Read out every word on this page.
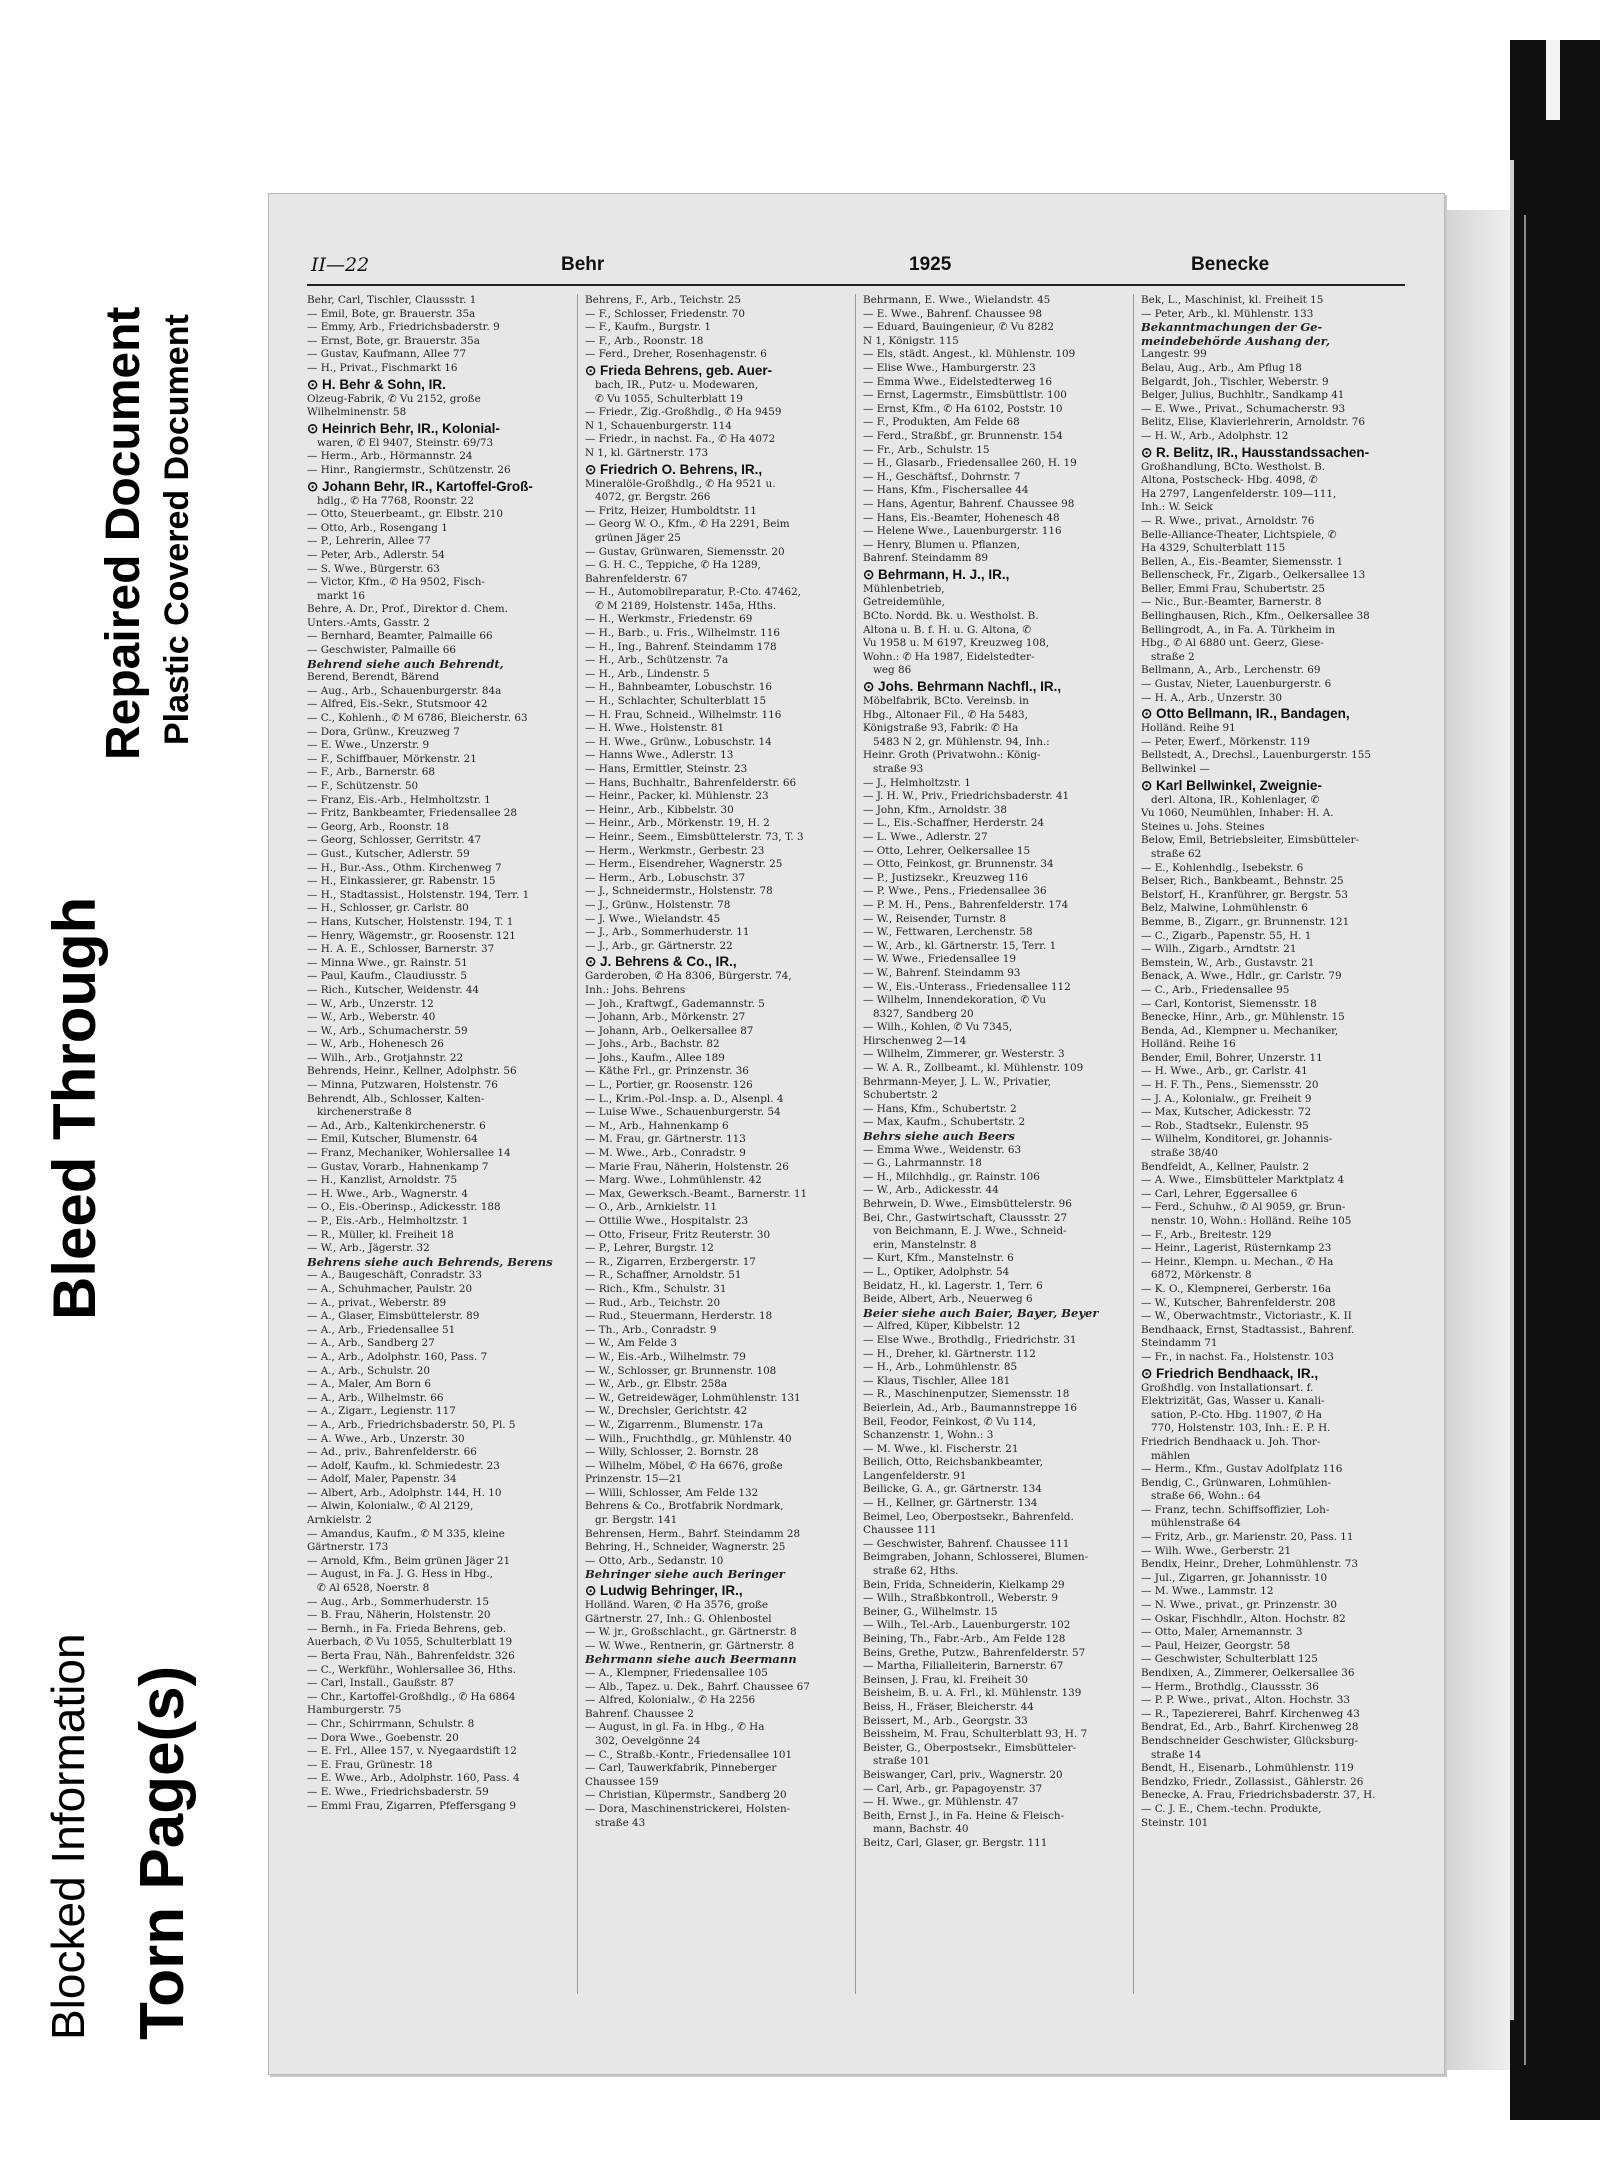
Blocked Information
Bleed Through
Torn Page(s)
Repaired Document Plastic Covered Document
II—22	Behr	1925	Benecke
Behr, Carl, Tischler, Claussstr. 1
— Emil, Bote, gr. Brauerstr. 35a
— Emmy, Arb., Friedrichsbaderstr. 9
— Ernst, Bote, gr. Brauerstr. 35a
— Gustav, Kaufmann, Allee 77
— H., Privat., Fischmarkt 16
⊙ H. Behr & Sohn, IR.
Olzeug-Fabrik, ✆ Vu 2152, große
Wilhelminenstr. 58
⊙ Heinrich Behr, IR., Kolonial-
waren, ✆ El 9407, Steinstr. 69/73
— Herm., Arb., Hörmannstr. 24
— Hinr., Rangiermstr., Schützenstr. 26
⊙ Johann Behr, IR., Kartoffel-Groß-
hdlg., ✆ Ha 7768, Roonstr. 22
— Otto, Steuerbeamt., gr. Elbstr. 210
— Otto, Arb., Rosengang 1
— P., Lehrerin, Allee 77
— Peter, Arb., Adlerstr. 54
— S. Wwe., Bürgerstr. 63
— Victor, Kfm., ✆ Ha 9502, Fisch-
markt 16
Behre, A. Dr., Prof., Direktor d. Chem.
Unters.-Amts, Gasstr. 2
— Bernhard, Beamter, Palmaille 66
— Geschwister, Palmaille 66
Behrend siehe auch Behrendt,
Berend, Berendt, Bärend
— Aug., Arb., Schauenburgerstr. 84a
— Alfred, Eis.-Sekr., Stutsmoor 42
— C., Kohlenh., ✆ M 6786, Bleicherstr. 63
— Dora, Grünw., Kreuzweg 7
— E. Wwe., Unzerstr. 9
— F., Schiffbauer, Mörkenstr. 21
— F., Arb., Barnerstr. 68
— F., Schützenstr. 50
— Franz, Eis.-Arb., Helmholtzstr. 1
— Fritz, Bankbeamter, Friedensallee 28
— Georg, Arb., Roonstr. 18
— Georg, Schlosser, Gerritstr. 47
— Gust., Kutscher, Adlerstr. 59
— H., Bur.-Ass., Othm. Kirchenweg 7
— H., Einkassierer, gr. Rabenstr. 15
— H., Stadtassist., Holstenstr. 194, Terr. 1
— H., Schlosser, gr. Carlstr. 80
— Hans, Kutscher, Holstenstr. 194, T. 1
— Henry, Wägemstr., gr. Roosenstr. 121
— H. A. E., Schlosser, Barnerstr. 37
— Minna Wwe., gr. Rainstr. 51
— Paul, Kaufm., Claudiusstr. 5
— Rich., Kutscher, Weidenstr. 44
— W., Arb., Unzerstr. 12
— W., Arb., Weberstr. 40
— W., Arb., Schumacherstr. 59
— W., Arb., Hohenesch 26
— Wilh., Arb., Grotjahnstr. 22
Behrends, Heinr., Kellner, Adolphstr. 56
— Minna, Putzwaren, Holstenstr. 76
Behrendt, Alb., Schlosser, Kalten-
kirchenerstraße 8
— Ad., Arb., Kaltenkirchenerstr. 6
— Emil, Kutscher, Blumenstr. 64
— Franz, Mechaniker, Wohlersallee 14
— Gustav, Vorarb., Hahnenkamp 7
— H., Kanzlist, Arnoldstr. 75
— H. Wwe., Arb., Wagnerstr. 4
— O., Eis.-Oberinsp., Adickesstr. 188
— P., Eis.-Arb., Helmholtzstr. 1
— R., Müller, kl. Freiheit 18
— W., Arb., Jägerstr. 32
Behrens siehe auch Behrends, Berens
— A., Baugeschäft, Conradstr. 33
— A., Schuhmacher, Paulstr. 20
— A., privat., Weberstr. 89
— A., Glaser, Eimsbüttelerstr. 89
— A., Arb., Friedensallee 51
— A., Arb., Sandberg 27
— A., Arb., Adolphstr. 160, Pass. 7
— A., Arb., Schulstr. 20
— A., Maler, Am Born 6
— A., Arb., Wilhelmstr. 66
— A., Zigarr., Legienstr. 117
— A., Arb., Friedrichsbaderstr. 50, Pl. 5
— A. Wwe., Arb., Unzerstr. 30
— Ad., priv., Bahrenfelderstr. 66
— Adolf, Kaufm., kl. Schmiedestr. 23
— Adolf, Maler, Papenstr. 34
— Albert, Arb., Adolphstr. 144, H. 10
— Alwin, Kolonialw., ✆ Al 2129,
Arnkielstr. 2
— Amandus, Kaufm., ✆ M 335, kleine
Gärtnerstr. 173
— Arnold, Kfm., Beim grünen Jäger 21
— August, in Fa. J. G. Hess in Hbg.,
✆ Al 6528, Noerstr. 8
— Aug., Arb., Sommerhuderstr. 15
— B. Frau, Näherin, Holstenstr. 20
— Bernh., in Fa. Frieda Behrens, geb.
Auerbach, ✆ Vu 1055, Schulterblatt 19
— Berta Frau, Näh., Bahrenfeldstr. 326
— C., Werkführ., Wohlersallee 36, Hths.
— Carl, Install., Gaußstr. 87
— Chr., Kartoffel-Großhdlg., ✆ Ha 6864
Hamburgerstr. 75
— Chr., Schirrmann, Schulstr. 8
— Dora Wwe., Goebenstr. 20
— E. Frl., Allee 157, v. Nyegaardstift 12
— E. Frau, Grünestr. 18
— E. Wwe., Arb., Adolphstr. 160, Pass. 4
— E. Wwe., Friedrichsbaderstr. 59
— Emmi Frau, Zigarren, Pfeffersgang 9
Behrens, F., Arb., Teichstr. 25
— F., Schlosser, Friedenstr. 70
— F., Kaufm., Burgstr. 1
— F., Arb., Roonstr. 18
— Ferd., Dreher, Rosenhagenstr. 6
⊙ Frieda Behrens, geb. Auer-
bach, IR., Putz- u. Modewaren,
✆ Vu 1055, Schulterblatt 19
— Friedr., Zig.-Großhdlg., ✆ Ha 9459
N 1, Schauenburgerstr. 114
— Friedr., in nachst. Fa., ✆ Ha 4072
N 1, kl. Gärtnerstr. 173
⊙ Friedrich O. Behrens, IR.,
Mineralöle-Großhdlg., ✆ Ha 9521 u.
4072, gr. Bergstr. 266
— Fritz, Heizer, Humboldtstr. 11
— Georg W. O., Kfm., ✆ Ha 2291, Beim
grünen Jäger 25
— Gustav, Grünwaren, Siemensstr. 20
— G. H. C., Teppiche, ✆ Ha 1289,
Bahrenfelderstr. 67
— H., Automobilreparatur, P.-Cto. 47462,
✆ M 2189, Holstenstr. 145a, Hths.
— H., Werkmstr., Friedenstr. 69
— H., Barb., u. Fris., Wilhelmstr. 116
— H., Ing., Bahrenf. Steindamm 178
— H., Arb., Schützenstr. 7a
— H., Arb., Lindenstr. 5
— H., Bahnbeamter, Lobuschstr. 16
— H., Schlachter, Schulterblatt 15
— H. Frau, Schneid., Wilhelmstr. 116
— H. Wwe., Holstenstr. 81
— H. Wwe., Grünw., Lobuschstr. 14
— Hanns Wwe., Adlerstr. 13
— Hans, Ermittler, Steinstr. 23
— Hans, Buchhaltr., Bahrenfelderstr. 66
— Heinr., Packer, kl. Mühlenstr. 23
— Heinr., Arb., Kibbelstr. 30
— Heinr., Arb., Mörkenstr. 19, H. 2
— Heinr., Seem., Eimsbüttelerstr. 73, T. 3
— Herm., Werkmstr., Gerbestr. 23
— Herm., Eisendreher, Wagnerstr. 25
— Herm., Arb., Lobuschstr. 37
— J., Schneidermstr., Holstenstr. 78
— J., Grünw., Holstenstr. 78
— J. Wwe., Wielandstr. 45
— J., Arb., Sommerhuderstr. 11
— J., Arb., gr. Gärtnerstr. 22
⊙ J. Behrens & Co., IR.,
Garderoben, ✆ Ha 8306, Bürgerstr. 74,
Inh.: Johs. Behrens
— Joh., Kraftwgf., Gademannstr. 5
— Johann, Arb., Mörkenstr. 27
— Johann, Arb., Oelkersallee 87
— Johs., Arb., Bachstr. 82
— Johs., Kaufm., Allee 189
— Käthe Frl., gr. Prinzenstr. 36
— L., Portier, gr. Roosenstr. 126
— L., Krim.-Pol.-Insp. a. D., Alsenpl. 4
— Luise Wwe., Schauenburgerstr. 54
— M., Arb., Hahnenkamp 6
— M. Frau, gr. Gärtnerstr. 113
— M. Wwe., Arb., Conradstr. 9
— Marie Frau, Näherin, Holstenstr. 26
— Marg. Wwe., Lohmühlenstr. 42
— Max, Gewerksch.-Beamt., Barnerstr. 11
— O., Arb., Arnkielstr. 11
— Ottilie Wwe., Hospitalstr. 23
— Otto, Friseur, Fritz Reuterstr. 30
— P., Lehrer, Burgstr. 12
— R., Zigarren, Erzbergerstr. 17
— R., Schaffner, Arnoldstr. 51
— Rich., Kfm., Schulstr. 31
— Rud., Arb., Teichstr. 20
— Rud., Steuermann, Herderstr. 18
— Th., Arb., Conradstr. 9
— W., Am Felde 3
— W., Eis.-Arb., Wilhelmstr. 79
— W., Schlosser, gr. Brunnenstr. 108
— W., Arb., gr. Elbstr. 258a
— W., Getreidewäger, Lohmühlenstr. 131
— W., Drechsler, Gerichtstr. 42
— W., Zigarrenm., Blumenstr. 17a
— Wilh., Fruchthdlg., gr. Mühlenstr. 40
— Willy, Schlosser, 2. Bornstr. 28
— Wilhelm, Möbel, ✆ Ha 6676, große
Prinzenstr. 15—21
— Willi, Schlosser, Am Felde 132
Behrens & Co., Brotfabrik Nordmark,
gr. Bergstr. 141
Behrensen, Herm., Bahrf. Steindamm 28
Behring, H., Schneider, Wagnerstr. 25
— Otto, Arb., Sedanstr. 10
Behringer siehe auch Beringer
⊙ Ludwig Behringer, IR.,
Holländ. Waren, ✆ Ha 3576, große
Gärtnerstr. 27, Inh.: G. Ohlenbostel
— W. jr., Großschlacht., gr. Gärtnerstr. 8
— W. Wwe., Rentnerin, gr. Gärtnerstr. 8
Behrmann siehe auch Beermann
— A., Klempner, Friedensallee 105
— Alb., Tapez. u. Dek., Bahrf. Chaussee 67
— Alfred, Kolonialw., ✆ Ha 2256
Bahrenf. Chaussee 2
— August, in gl. Fa. in Hbg., ✆ Ha
302, Oevelgönne 24
— C., Straßb.-Kontr., Friedensallee 101
— Carl, Tauwerkfabrik, Pinneberger
Chaussee 159
— Christian, Küpermstr., Sandberg 20
— Dora, Maschinenstrickerei, Holsten-
straße 43
Behrmann, E. Wwe., Wielandstr. 45
— E. Wwe., Bahrenf. Chaussee 98
— Eduard, Bauingenieur, ✆ Vu 8282
N 1, Königstr. 115
— Els, städt. Angest., kl. Mühlenstr. 109
— Elise Wwe., Hamburgerstr. 23
— Emma Wwe., Eidelstedterweg 16
— Ernst, Lagermstr., Eimsbüttlstr. 100
— Ernst, Kfm., ✆ Ha 6102, Poststr. 10
— F., Produkten, Am Felde 68
— Ferd., Straßbf., gr. Brunnenstr. 154
— Fr., Arb., Schulstr. 15
— H., Glasarb., Friedensallee 260, H. 19
— H., Geschäftsf., Dohrnstr. 7
— Hans, Kfm., Fischersallee 44
— Hans, Agentur, Bahrenf. Chaussee 98
— Hans, Eis.-Beamter, Hohenesch 48
— Helene Wwe., Lauenburgerstr. 116
— Henry, Blumen u. Pflanzen,
Bahrenf. Steindamm 89
⊙ Behrmann, H. J., IR.,
Mühlenbetrieb,
Getreidemühle,
BCto. Nordd. Bk. u. Westholst. B.
Altona u. B. f. H. u. G. Altona, ✆
Vu 1958 u. M 6197, Kreuzweg 108,
Wohn.: ✆ Ha 1987, Eidelstedter-
weg 86
⊙ Johs. Behrmann Nachfl., IR.,
Möbelfabrik, BCto. Vereinsb. in
Hbg., Altonaer Fil., ✆ Ha 5483,
Königstraße 93, Fabrik: ✆ Ha
5483 N 2, gr. Mühlenstr. 94, Inh.:
Heinr. Groth (Privatwohn.: König-
straße 93
— J., Helmholtzstr. 1
— J. H. W., Priv., Friedrichsbaderstr. 41
— John, Kfm., Arnoldstr. 38
— L., Eis.-Schaffner, Herderstr. 24
— L. Wwe., Adlerstr. 27
— Otto, Lehrer, Oelkersallee 15
— Otto, Feinkost, gr. Brunnenstr. 34
— P., Justizsekr., Kreuzweg 116
— P. Wwe., Pens., Friedensallee 36
— P. M. H., Pens., Bahrenfelderstr. 174
— W., Reisender, Turnstr. 8
— W., Fettwaren, Lerchenstr. 58
— W., Arb., kl. Gärtnerstr. 15, Terr. 1
— W. Wwe., Friedensallee 19
— W., Bahrenf. Steindamm 93
— W., Eis.-Unterass., Friedensallee 112
— Wilhelm, Innendekoration, ✆ Vu
8327, Sandberg 20
— Wilh., Kohlen, ✆ Vu 7345,
Hirschenweg 2—14
— Wilhelm, Zimmerer, gr. Westerstr. 3
— W. A. R., Zollbeamt., kl. Mühlenstr. 109
Behrmann-Meyer, J. L. W., Privatier,
Schubertstr. 2
— Hans, Kfm., Schubertstr. 2
— Max, Kaufm., Schubertstr. 2
Behrs siehe auch Beers
— Emma Wwe., Weidenstr. 63
— G., Lahrmannstr. 18
— H., Milchhdlg., gr. Rainstr. 106
— W., Arb., Adickesstr. 44
Behrwein, D. Wwe., Eimsbüttelerstr. 96
Bei, Chr., Gastwirtschaft, Claussstr. 27
von Beichmann, E. J. Wwe., Schneid-
erin, Manstelnstr. 8
— Kurt, Kfm., Manstelnstr. 6
— L., Optiker, Adolphstr. 54
Beidatz, H., kl. Lagerstr. 1, Terr. 6
Beide, Albert, Arb., Neuerweg 6
Beier siehe auch Baier, Bayer, Beyer
— Alfred, Küper, Kibbelstr. 12
— Else Wwe., Brothdlg., Friedrichstr. 31
— H., Dreher, kl. Gärtnerstr. 112
— H., Arb., Lohmühlenstr. 85
— Klaus, Tischler, Allee 181
— R., Maschinenputzer, Siemensstr. 18
Beierlein, Ad., Arb., Baumannstreppe 16
Beil, Feodor, Feinkost, ✆ Vu 114,
Schanzenstr. 1, Wohn.: 3
— M. Wwe., kl. Fischerstr. 21
Beilich, Otto, Reichsbankbeamter,
Langenfelderstr. 91
Beilicke, G. A., gr. Gärtnerstr. 134
— H., Kellner, gr. Gärtnerstr. 134
Beimel, Leo, Oberpostsekr., Bahrenfeld.
Chaussee 111
— Geschwister, Bahrenf. Chaussee 111
Beimgraben, Johann, Schlosserei, Blumen-
straße 62, Hths.
Bein, Frida, Schneiderin, Kielkamp 29
— Wilh., Straßbkontroll., Weberstr. 9
Beiner, G., Wilhelmstr. 15
— Wilh., Tel.-Arb., Lauenburgerstr. 102
Beining, Th., Fabr.-Arb., Am Felde 128
Beins, Grethe, Putzw., Bahrenfelderstr. 57
— Martha, Filialleiterin, Barnerstr. 67
Beinsen, J. Frau, kl. Freiheit 30
Beisheim, B. u. A. Frl., kl. Mühlenstr. 139
Beiss, H., Fräser, Bleicherstr. 44
Beissert, M., Arb., Georgstr. 33
Beissheim, M. Frau, Schulterblatt 93, H. 7
Beister, G., Oberpostsekr., Eimsbütteler-
straße 101
Beiswanger, Carl, priv., Wagnerstr. 20
— Carl, Arb., gr. Papagoyenstr. 37
— H. Wwe., gr. Mühlenstr. 47
Beith, Ernst J., in Fa. Heine & Fleisch-
mann, Bachstr. 40
Beitz, Carl, Glaser, gr. Bergstr. 111
Bek, L., Maschinist, kl. Freiheit 15
— Peter, Arb., kl. Mühlenstr. 133
Bekanntmachungen der Ge-
meindebehörde Aushang der,
Langestr. 99
Belau, Aug., Arb., Am Pflug 18
Belgardt, Joh., Tischler, Weberstr. 9
Belger, Julius, Buchhltr., Sandkamp 41
— E. Wwe., Privat., Schumacherstr. 93
Belitz, Elise, Klavierlehrerin, Arnoldstr. 76
— H. W., Arb., Adolphstr. 12
⊙ R. Belitz, IR., Hausstandssachen-
Großhandlung, BCto. Westholst. B.
Altona, Postscheck- Hbg. 4098, ✆
Ha 2797, Langenfelderstr. 109—111,
Inh.: W. Seick
— R. Wwe., privat., Arnoldstr. 76
Belle-Alliance-Theater, Lichtspiele, ✆
Ha 4329, Schulterblatt 115
Bellen, A., Eis.-Beamter, Siemensstr. 1
Bellenscheck, Fr., Zigarb., Oelkersallee 13
Beller, Emmi Frau, Schubertstr. 25
— Nic., Bur.-Beamter, Barnerstr. 8
Bellinghausen, Rich., Kfm., Oelkersallee 38
Bellingrodt, A., in Fa. A. Türkheim in
Hbg., ✆ Al 6880 unt. Geerz, Giese-
straße 2
Bellmann, A., Arb., Lerchenstr. 69
— Gustav, Nieter, Lauenburgerstr. 6
— H. A., Arb., Unzerstr. 30
⊙ Otto Bellmann, IR., Bandagen,
Holländ. Reihe 91
— Peter, Ewerf., Mörkenstr. 119
Bellstedt, A., Drechsl., Lauenburgerstr. 155
Bellwinkel —
⊙ Karl Bellwinkel, Zweignie-
derl. Altona, IR., Kohlenlager, ✆
Vu 1060, Neumühlen, Inhaber: H. A.
Steines u. Johs. Steines
Below, Emil, Betriebsleiter, Eimsbütteler-
straße 62
— E., Kohlenhdlg., Isebekstr. 6
Belser, Rich., Bankbeamt., Behnstr. 25
Belstorf, H., Kranführer, gr. Bergstr. 53
Belz, Malwine, Lohmühlenstr. 6
Bemme, B., Zigarr., gr. Brunnenstr. 121
— C., Zigarb., Papenstr. 55, H. 1
— Wilh., Zigarb., Arndtstr. 21
Bemstein, W., Arb., Gustavstr. 21
Benack, A. Wwe., Hdlr., gr. Carlstr. 79
— C., Arb., Friedensallee 95
— Carl, Kontorist, Siemensstr. 18
Benecke, Hinr., Arb., gr. Mühlenstr. 15
Benda, Ad., Klempner u. Mechaniker,
Holländ. Reihe 16
Bender, Emil, Bohrer, Unzerstr. 11
— H. Wwe., Arb., gr. Carlstr. 41
— H. F. Th., Pens., Siemensstr. 20
— J. A., Kolonialw., gr. Freiheit 9
— Max, Kutscher, Adickesstr. 72
— Rob., Stadtsekr., Eulenstr. 95
— Wilhelm, Konditorei, gr. Johannis-
straße 38/40
Bendfeldt, A., Kellner, Paulstr. 2
— A. Wwe., Eimsbütteler Marktplatz 4
— Carl, Lehrer, Eggersallee 6
— Ferd., Schuhw., ✆ Al 9059, gr. Brun-
nenstr. 10, Wohn.: Holländ. Reihe 105
— F., Arb., Breitestr. 129
— Heinr., Lagerist, Rüsternkamp 23
— Heinr., Klempn. u. Mechan., ✆ Ha
6872, Mörkenstr. 8
— K. O., Klempnerei, Gerberstr. 16a
— W., Kutscher, Bahrenfelderstr. 208
— W., Oberwachtmstr., Victoriastr., K. II
Bendhaack, Ernst, Stadtassist., Bahrenf.
Steindamm 71
— Fr., in nachst. Fa., Holstenstr. 103
⊙ Friedrich Bendhaack, IR.,
Großhdlg. von Installationsart. f.
Elektrizität, Gas, Wasser u. Kanali-
sation, P.-Cto. Hbg. 11907, ✆ Ha
770, Holstenstr. 103, Inh.: E. P. H.
Friedrich Bendhaack u. Joh. Thor-
mählen
— Herm., Kfm., Gustav Adolfplatz 116
Bendig, C., Grünwaren, Lohmühlen-
straße 66, Wohn.: 64
— Franz, techn. Schiffsoffizier, Loh-
mühlenstraße 64
— Fritz, Arb., gr. Marienstr. 20, Pass. 11
— Wilh. Wwe., Gerberstr. 21
Bendix, Heinr., Dreher, Lohmühlenstr. 73
— Jul., Zigarren, gr. Johannisstr. 10
— M. Wwe., Lammstr. 12
— N. Wwe., privat., gr. Prinzenstr. 30
— Oskar, Fischhdlr., Alton. Hochstr. 82
— Otto, Maler, Arnemannstr. 3
— Paul, Heizer, Georgstr. 58
— Geschwister, Schulterblatt 125
Bendixen, A., Zimmerer, Oelkersallee 36
— Herm., Brothdlg., Claussstr. 36
— P. P. Wwe., privat., Alton. Hochstr. 33
— R., Tapeziererei, Bahrf. Kirchenweg 43
Bendrat, Ed., Arb., Bahrf. Kirchenweg 28
Bendschneider Geschwister, Glücksburg-
straße 14
Bendt, H., Eisenarb., Lohmühlenstr. 119
Bendzko, Friedr., Zollassist., Gählerstr. 26
Benecke, A. Frau, Friedrichsbaderstr. 37, H.
— C. J. E., Chem.-techn. Produkte,
Steinstr. 101
